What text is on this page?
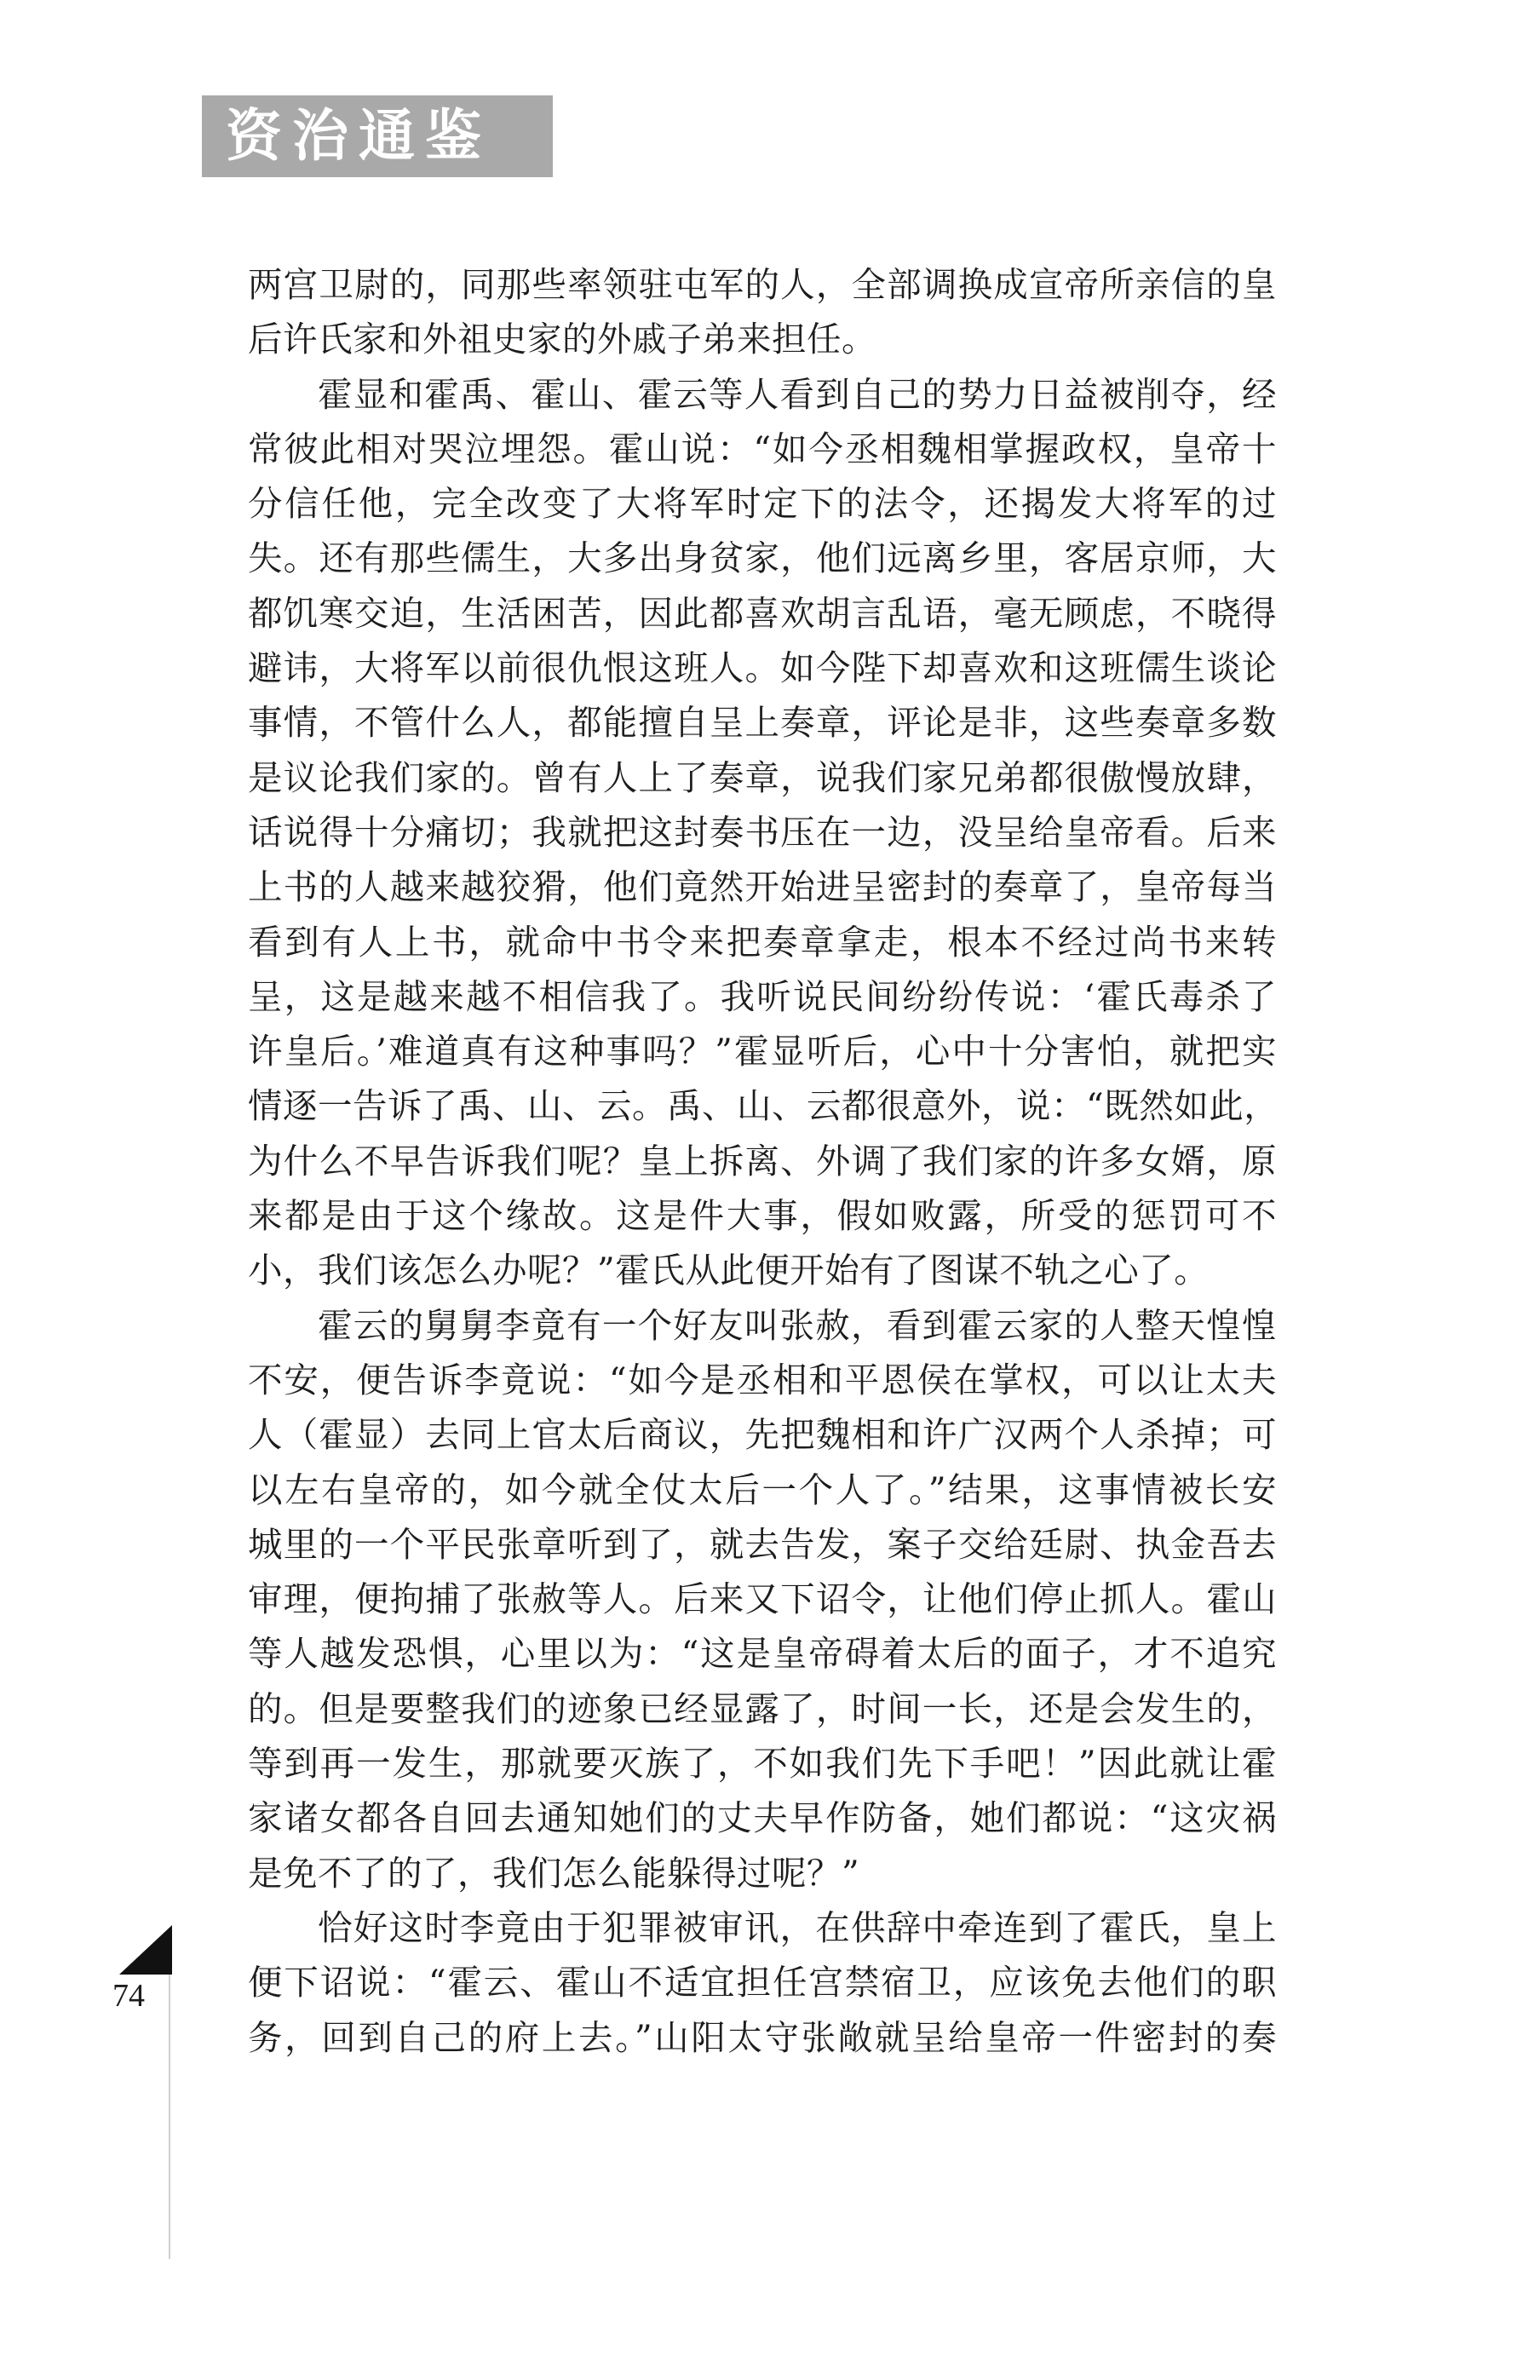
资治通鉴
两宫卫尉的，同那些率领驻屯军的人，全部调换成宣帝所亲信的皇
后许氏家和外祖史家的外戚子弟来担任。
霍显和霍禹、霍山、霍云等人看到自己的势力日益被削夺，经
常彼此相对哭泣埋怨。霍山说：“如今丞相魏相掌握政权，皇帝十
分信任他，完全改变了大将军时定下的法令，还揭发大将军的过
失。还有那些儒生，大多出身贫家，他们远离乡里，客居京师，大
都饥寒交迫，生活困苦，因此都喜欢胡言乱语，毫无顾虑，不晓得
避讳，大将军以前很仇恨这班人。如今陛下却喜欢和这班儒生谈论
事情，不管什么人，都能擅自呈上奏章，评论是非，这些奏章多数
是议论我们家的。曾有人上了奏章，说我们家兄弟都很傲慢放肆，
话说得十分痛切；我就把这封奏书压在一边，没呈给皇帝看。后来
上书的人越来越狡猾，他们竟然开始进呈密封的奏章了，皇帝每当
看到有人上书，就命中书令来把奏章拿走，根本不经过尚书来转
呈，这是越来越不相信我了。我听说民间纷纷传说：‘霍氏毒杀了
许皇后。’难道真有这种事吗？”霍显听后，心中十分害怕，就把实
情逐一告诉了禹、山、云。禹、山、云都很意外，说：“既然如此，
为什么不早告诉我们呢？皇上拆离、外调了我们家的许多女婿，原
来都是由于这个缘故。这是件大事，假如败露，所受的惩罚可不
小，我们该怎么办呢？”霍氏从此便开始有了图谋不轨之心了。
霍云的舅舅李竟有一个好友叫张赦，看到霍云家的人整天惶惶
不安，便告诉李竟说：“如今是丞相和平恩侯在掌权，可以让太夫
人（霍显）去同上官太后商议，先把魏相和许广汉两个人杀掉；可
以左右皇帝的，如今就全仗太后一个人了。”结果，这事情被长安
城里的一个平民张章听到了，就去告发，案子交给廷尉、执金吾去
审理，便拘捕了张赦等人。后来又下诏令，让他们停止抓人。霍山
等人越发恐惧，心里以为：“这是皇帝碍着太后的面子，才不追究
的。但是要整我们的迹象已经显露了，时间一长，还是会发生的，
等到再一发生，那就要灭族了，不如我们先下手吧！”因此就让霍
家诸女都各自回去通知她们的丈夫早作防备，她们都说：“这灾祸
是免不了的了，我们怎么能躲得过呢？”
恰好这时李竟由于犯罪被审讯，在供辞中牵连到了霍氏，皇上
便下诏说：“霍云、霍山不适宜担任宫禁宿卫，应该免去他们的职
务，回到自己的府上去。”山阳太守张敞就呈给皇帝一件密封的奏
74
